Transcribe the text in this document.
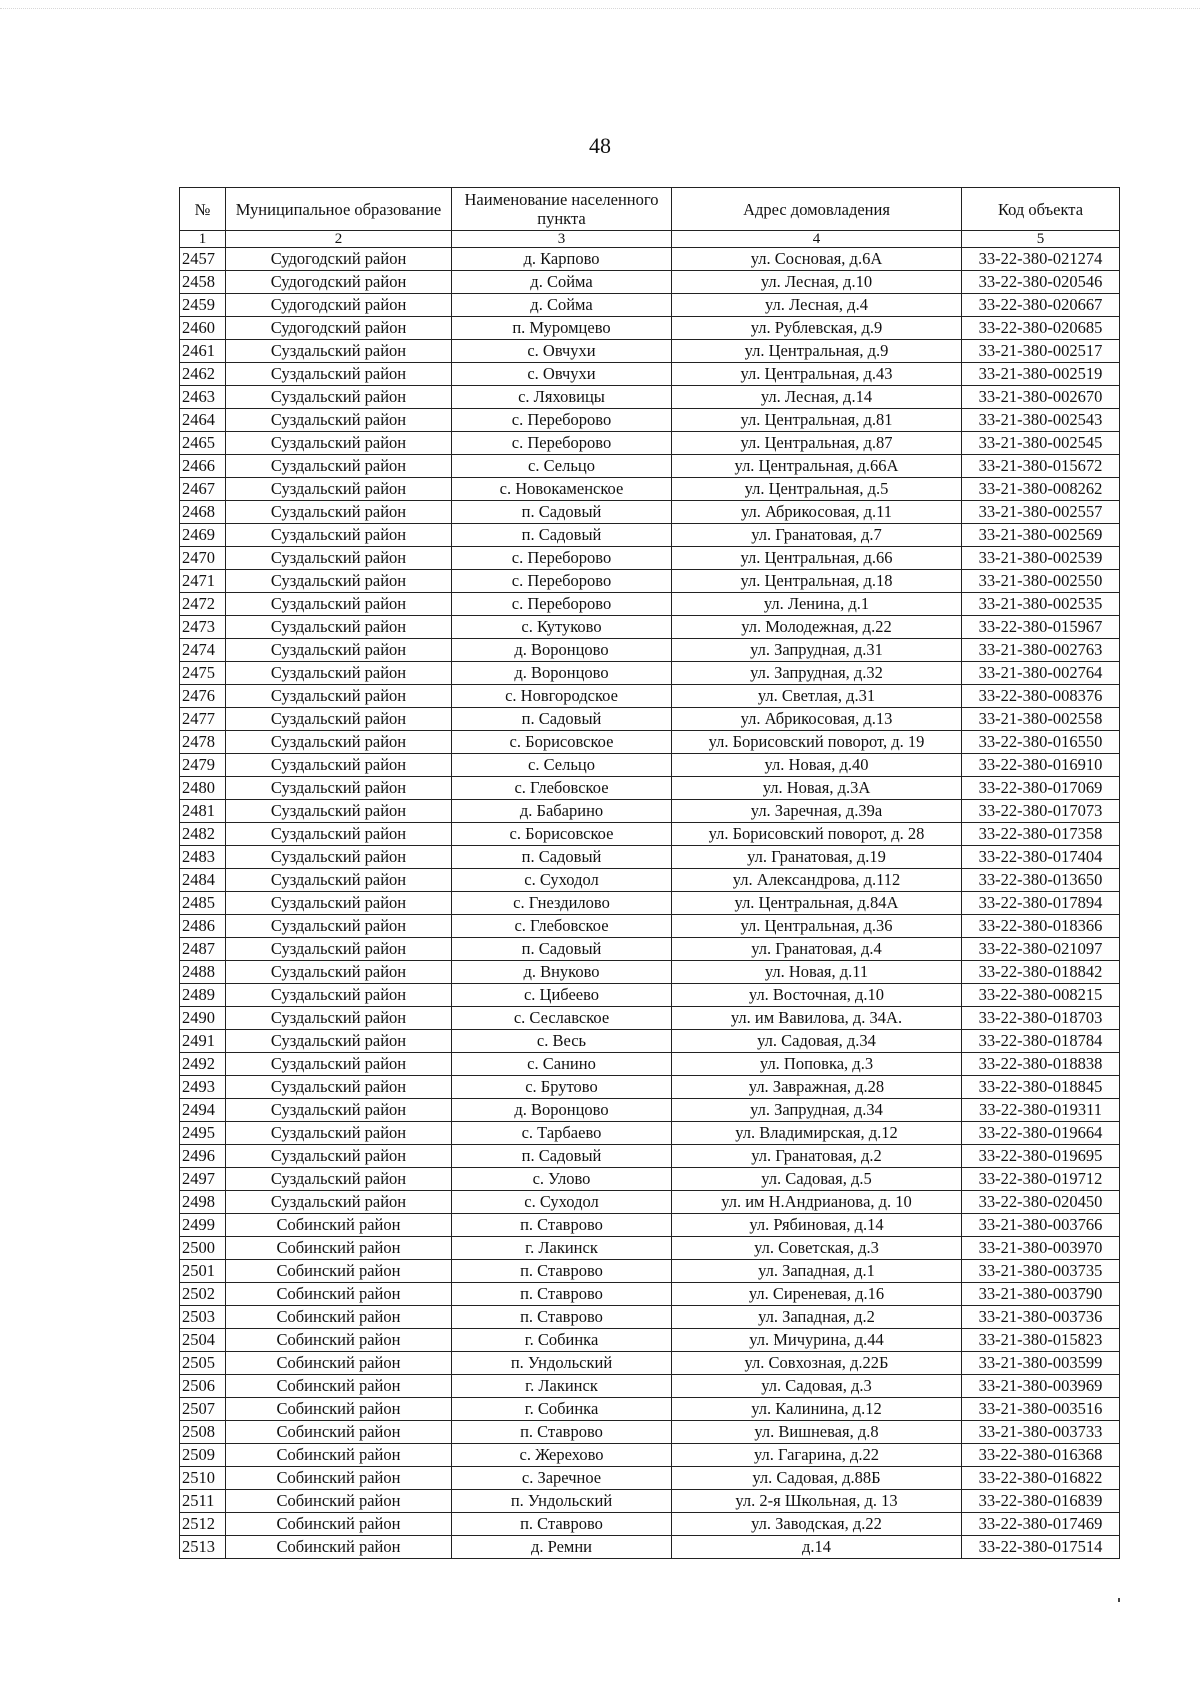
48
№	Муниципальное образование	Наименование населенного пункта	Адрес домовладения	Код объекта
1	2	3	4	5
2457	Судогодский район	д. Карпово	ул. Сосновая, д.6А	33-22-380-021274
2458	Судогодский район	д. Сойма	ул. Лесная, д.10	33-22-380-020546
2459	Судогодский район	д. Сойма	ул. Лесная, д.4	33-22-380-020667
2460	Судогодский район	п. Муромцево	ул. Рублевская, д.9	33-22-380-020685
2461	Суздальский район	с. Овчухи	ул. Центральная, д.9	33-21-380-002517
2462	Суздальский район	с. Овчухи	ул. Центральная, д.43	33-21-380-002519
2463	Суздальский район	с. Ляховицы	ул. Лесная, д.14	33-21-380-002670
2464	Суздальский район	с. Переборово	ул. Центральная, д.81	33-21-380-002543
2465	Суздальский район	с. Переборово	ул. Центральная, д.87	33-21-380-002545
2466	Суздальский район	с. Сельцо	ул. Центральная, д.66А	33-21-380-015672
2467	Суздальский район	с. Новокаменское	ул. Центральная, д.5	33-21-380-008262
2468	Суздальский район	п. Садовый	ул. Абрикосовая, д.11	33-21-380-002557
2469	Суздальский район	п. Садовый	ул. Гранатовая, д.7	33-21-380-002569
2470	Суздальский район	с. Переборово	ул. Центральная, д.66	33-21-380-002539
2471	Суздальский район	с. Переборово	ул. Центральная, д.18	33-21-380-002550
2472	Суздальский район	с. Переборово	ул. Ленина, д.1	33-21-380-002535
2473	Суздальский район	с. Кутуково	ул. Молодежная, д.22	33-22-380-015967
2474	Суздальский район	д. Воронцово	ул. Запрудная, д.31	33-21-380-002763
2475	Суздальский район	д. Воронцово	ул. Запрудная, д.32	33-21-380-002764
2476	Суздальский район	с. Новгородское	ул. Светлая, д.31	33-22-380-008376
2477	Суздальский район	п. Садовый	ул. Абрикосовая, д.13	33-21-380-002558
2478	Суздальский район	с. Борисовское	ул. Борисовский поворот, д. 19	33-22-380-016550
2479	Суздальский район	с. Сельцо	ул. Новая, д.40	33-22-380-016910
2480	Суздальский район	с. Глебовское	ул. Новая, д.3А	33-22-380-017069
2481	Суздальский район	д. Бабарино	ул. Заречная, д.39а	33-22-380-017073
2482	Суздальский район	с. Борисовское	ул. Борисовский поворот, д. 28	33-22-380-017358
2483	Суздальский район	п. Садовый	ул. Гранатовая, д.19	33-22-380-017404
2484	Суздальский район	с. Суходол	ул. Александрова, д.112	33-22-380-013650
2485	Суздальский район	с. Гнездилово	ул. Центральная, д.84А	33-22-380-017894
2486	Суздальский район	с. Глебовское	ул. Центральная, д.36	33-22-380-018366
2487	Суздальский район	п. Садовый	ул. Гранатовая, д.4	33-22-380-021097
2488	Суздальский район	д. Внуково	ул. Новая, д.11	33-22-380-018842
2489	Суздальский район	с. Цибеево	ул. Восточная, д.10	33-22-380-008215
2490	Суздальский район	с. Сеславское	ул. им Вавилова, д. 34А.	33-22-380-018703
2491	Суздальский район	с. Весь	ул. Садовая, д.34	33-22-380-018784
2492	Суздальский район	с. Санино	ул. Поповка, д.3	33-22-380-018838
2493	Суздальский район	с. Брутово	ул. Завражная, д.28	33-22-380-018845
2494	Суздальский район	д. Воронцово	ул. Запрудная, д.34	33-22-380-019311
2495	Суздальский район	с. Тарбаево	ул. Владимирская, д.12	33-22-380-019664
2496	Суздальский район	п. Садовый	ул. Гранатовая, д.2	33-22-380-019695
2497	Суздальский район	с. Улово	ул. Садовая, д.5	33-22-380-019712
2498	Суздальский район	с. Суходол	ул. им Н.Андриановa, д. 10	33-22-380-020450
2499	Собинский район	п. Ставрово	ул. Рябиновая, д.14	33-21-380-003766
2500	Собинский район	г. Лакинск	ул. Советская, д.3	33-21-380-003970
2501	Собинский район	п. Ставрово	ул. Западная, д.1	33-21-380-003735
2502	Собинский район	п. Ставрово	ул. Сиреневая, д.16	33-21-380-003790
2503	Собинский район	п. Ставрово	ул. Западная, д.2	33-21-380-003736
2504	Собинский район	г. Собинка	ул. Мичурина, д.44	33-21-380-015823
2505	Собинский район	п. Ундольский	ул. Совхозная, д.22Б	33-21-380-003599
2506	Собинский район	г. Лакинск	ул. Садовая, д.3	33-21-380-003969
2507	Собинский район	г. Собинка	ул. Калинина, д.12	33-21-380-003516
2508	Собинский район	п. Ставрово	ул. Вишневая, д.8	33-21-380-003733
2509	Собинский район	с. Жерехово	ул. Гагарина, д.22	33-22-380-016368
2510	Собинский район	с. Заречное	ул. Садовая, д.88Б	33-22-380-016822
2511	Собинский район	п. Ундольский	ул. 2-я Школьная, д. 13	33-22-380-016839
2512	Собинский район	п. Ставрово	ул. Заводская, д.22	33-22-380-017469
2513	Собинский район	д. Ремни	д.14	33-22-380-017514
